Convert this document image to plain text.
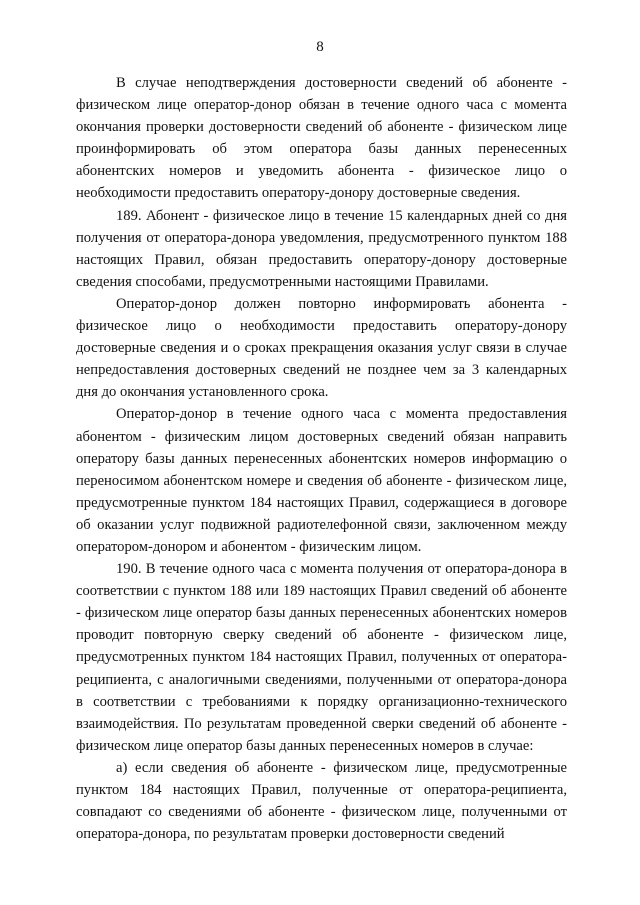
8

В случае неподтверждения достоверности сведений об абоненте - физическом лице оператор-донор обязан в течение одного часа с момента окончания проверки достоверности сведений об абоненте - физическом лице проинформировать об этом оператора базы данных перенесенных абонентских номеров и уведомить абонента - физическое лицо о необходимости предоставить оператору-донору достоверные сведения.

189. Абонент - физическое лицо в течение 15 календарных дней со дня получения от оператора-донора уведомления, предусмотренного пунктом 188 настоящих Правил, обязан предоставить оператору-донору достоверные сведения способами, предусмотренными настоящими Правилами.

Оператор-донор должен повторно информировать абонента - физическое лицо о необходимости предоставить оператору-донору достоверные сведения и о сроках прекращения оказания услуг связи в случае непредоставления достоверных сведений не позднее чем за 3 календарных дня до окончания установленного срока.

Оператор-донор в течение одного часа с момента предоставления абонентом - физическим лицом достоверных сведений обязан направить оператору базы данных перенесенных абонентских номеров информацию о переносимом абонентском номере и сведения об абоненте - физическом лице, предусмотренные пунктом 184 настоящих Правил, содержащиеся в договоре об оказании услуг подвижной радиотелефонной связи, заключенном между оператором-донором и абонентом - физическим лицом.

190. В течение одного часа с момента получения от оператора-донора в соответствии с пунктом 188 или 189 настоящих Правил сведений об абоненте - физическом лице оператор базы данных перенесенных абонентских номеров проводит повторную сверку сведений об абоненте - физическом лице, предусмотренных пунктом 184 настоящих Правил, полученных от оператора-реципиента, с аналогичными сведениями, полученными от оператора-донора в соответствии с требованиями к порядку организационно-технического взаимодействия. По результатам проведенной сверки сведений об абоненте - физическом лице оператор базы данных перенесенных номеров в случае:

а) если сведения об абоненте - физическом лице, предусмотренные пунктом 184 настоящих Правил, полученные от оператора-реципиента, совпадают со сведениями об абоненте - физическом лице, полученными от оператора-донора, по результатам проверки достоверности сведений
